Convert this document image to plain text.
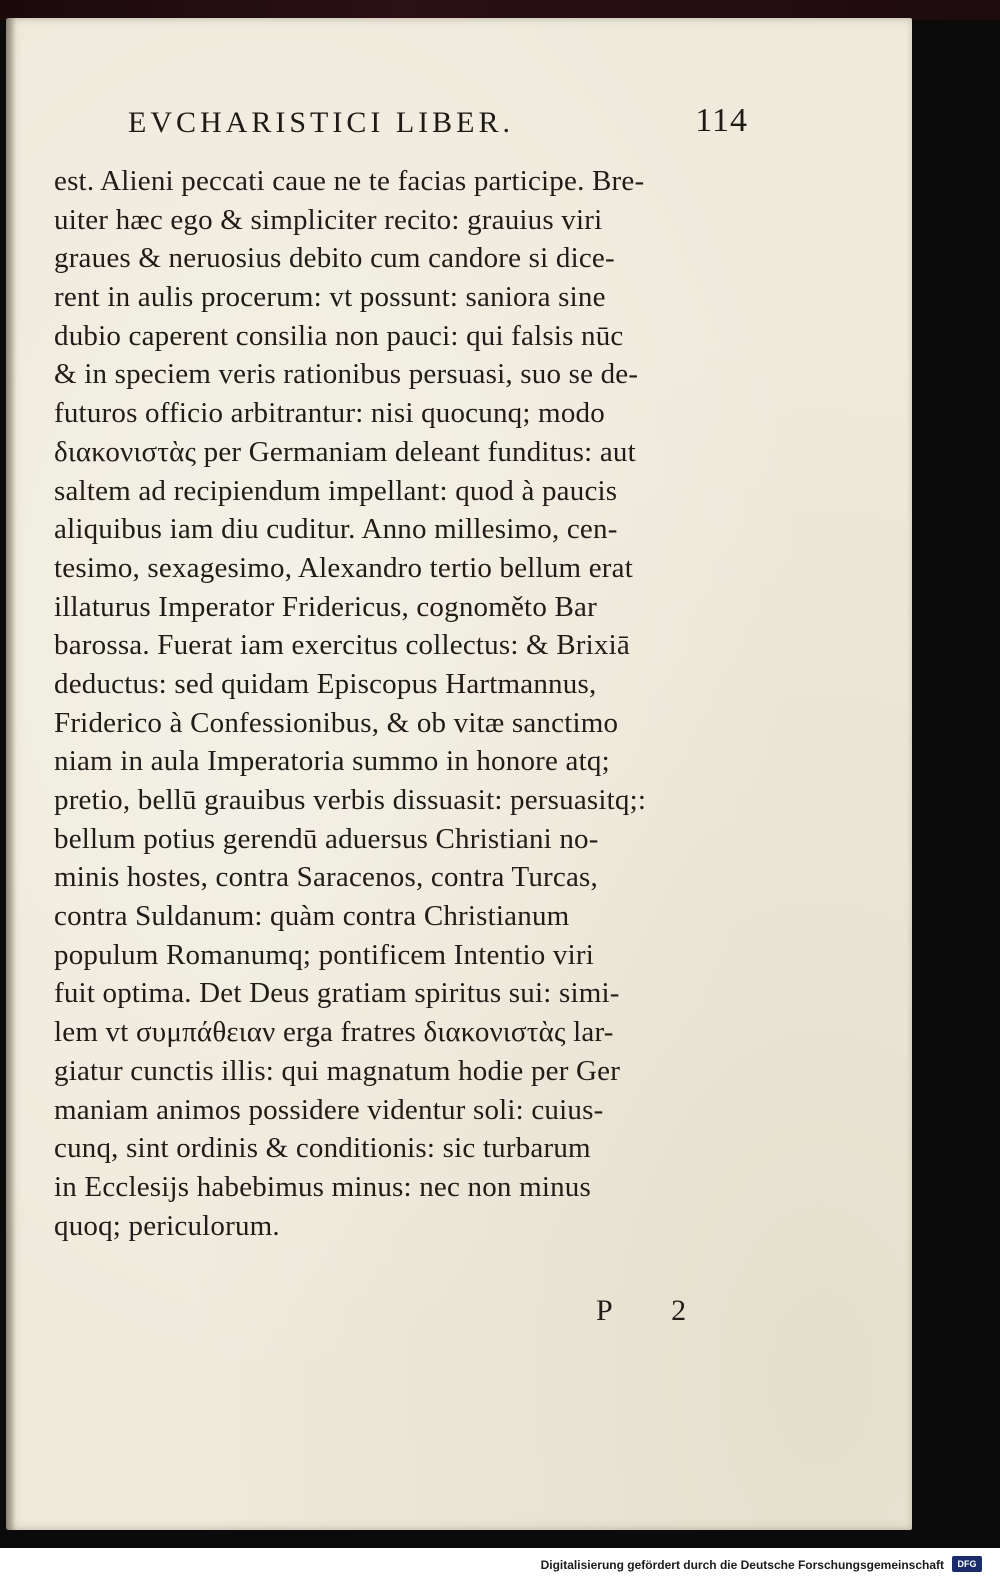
EVCHARISTICI LIBER.	114
est. Alieni peccati caue ne te facias participe. Bre-
uiter hæc ego & simpliciter recito: grauius viri
graues & neruosius debito cum candore si dice-
rent in aulis procerum: vt possunt: saniora sine
dubio caperent consilia non pauci: qui falsis nūc
& in speciem veris rationibus persuasi, suo se de-
futuros officio arbitrantur: nisi quocunq; modo
διακονιστὰς per Germaniam deleant funditus: aut
saltem ad recipiendum impellant: quod à paucis
aliquibus iam diu cuditur. Anno millesimo, cen-
tesimo, sexagesimo, Alexandro tertio bellum erat
illaturus Imperator Fridericus, cognoměto Bar
barossa. Fuerat iam exercitus collectus: & Brixiā
deductus: sed quidam Episcopus Hartmannus,
Friderico à Confessionibus, & ob vitæ sanctimo
niam in aula Imperatoria summo in honore atq;
pretio, bellū grauibus verbis dissuasit: persuasitq;:
bellum potius gerendū aduersus Christiani no-
minis hostes, contra Saracenos, contra Turcas,
contra Suldanum: quàm contra Christianum
populum Romanumq; pontificem Intentio viri
fuit optima. Det Deus gratiam spiritus sui: simi-
lem vt συμπάθειαν erga fratres διακονιστὰς lar-
giatur cunctis illis: qui magnatum hodie per Ger
maniam animos possidere videntur soli: cuius-
cunq, sint ordinis & conditionis: sic turbarum
in Ecclesijs habebimus minus: nec non minus
quoq; periculorum.
P 2
Digitalisierung gefördert durch die Deutsche Forschungsgemeinschaft	DFG
